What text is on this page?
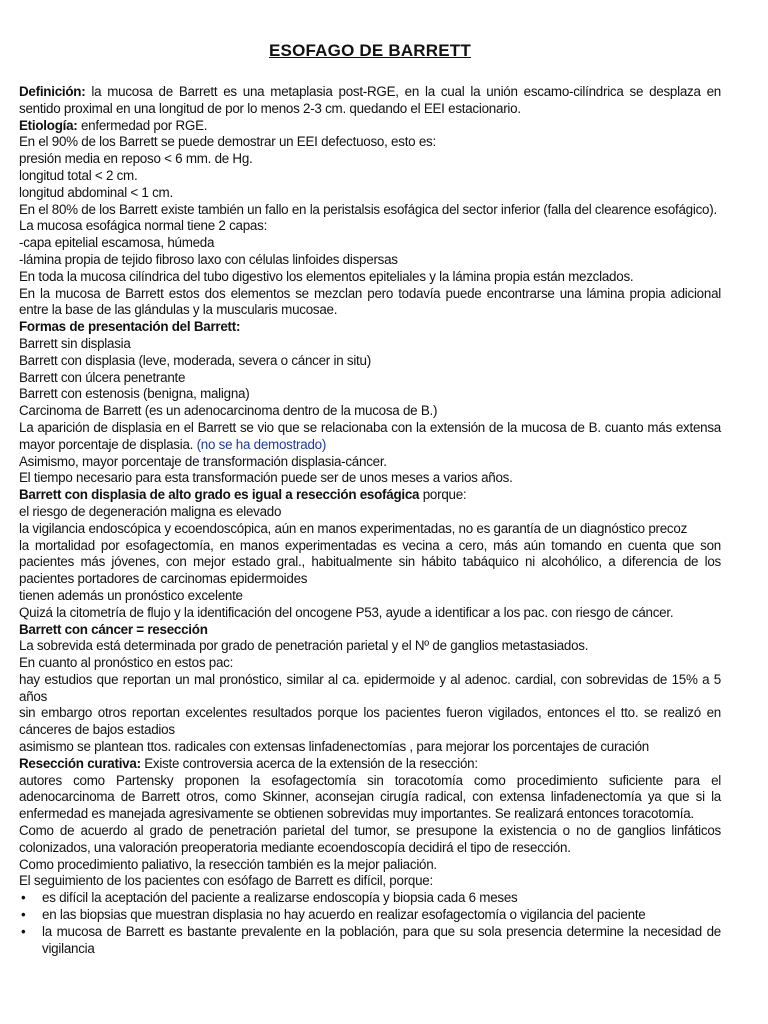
ESOFAGO DE BARRETT

Definición: la mucosa de Barrett es una metaplasia post-RGE, en la cual la unión escamo-cilíndrica se desplaza en sentido proximal en una longitud de por lo menos 2-3 cm. quedando el EEI estacionario.

Etiología: enfermedad por RGE.

En el 90% de los Barrett se puede demostrar un EEI defectuoso, esto es:

presión media en reposo < 6 mm. de Hg.

longitud total < 2 cm.

longitud abdominal < 1 cm.

En el 80% de los Barrett existe también un fallo en la peristalsis esofágica del sector inferior (falla del clearence esofágico).

La mucosa esofágica normal tiene 2 capas:

-capa epitelial escamosa, húmeda

-lámina propia de tejido fibroso laxo con células linfoides dispersas

En toda la mucosa cilíndrica del tubo digestivo los elementos epiteliales y la lámina propia están mezclados.

En la mucosa de Barrett estos dos elementos se mezclan pero todavía puede encontrarse una lámina propia adicional entre la base de las glándulas y la muscularis mucosae.

Formas de presentación del Barrett:

Barrett sin displasia

Barrett con displasia (leve, moderada, severa o cáncer in situ)

Barrett con úlcera penetrante

Barrett con estenosis (benigna, maligna)

Carcinoma de Barrett (es un adenocarcinoma dentro de la mucosa de B.)

La aparición de displasia en el Barrett se vio que se relacionaba con la extensión de la mucosa de B. cuanto más extensa mayor porcentaje de displasia. (no se ha demostrado)

Asimismo, mayor porcentaje de transformación displasia-cáncer.

El tiempo necesario para esta transformación puede ser de unos meses a varios años.

Barrett con displasia de alto grado es igual a resección esofágica porque:

el riesgo de degeneración maligna es elevado

la vigilancia endoscópica y ecoendoscópica, aún en manos experimentadas, no es garantía de un diagnóstico precoz

la mortalidad por esofagectomía, en manos experimentadas es vecina a cero, más aún tomando en cuenta que son pacientes más jóvenes, con mejor estado gral., habitualmente sin hábito tabáquico ni alcohólico, a diferencia de los pacientes portadores de carcinomas epidermoides

tienen además un pronóstico excelente

Quizá la citometría de flujo y la identificación del oncogene P53, ayude a identificar a los pac. con riesgo de cáncer.

Barrett con cáncer = resección

La sobrevida está determinada por grado de penetración parietal y el Nº de ganglios metastasiados.

En cuanto al pronóstico en estos pac:

hay estudios que reportan un mal pronóstico, similar al ca. epidermoide y al adenoc. cardial, con sobrevidas de 15% a 5 años

sin embargo otros reportan excelentes resultados porque los pacientes fueron vigilados, entonces el tto. se realizó en cánceres de bajos estadios

asimismo se plantean ttos. radicales con extensas linfadenectomías , para mejorar los porcentajes de curación

Resección curativa: Existe controversia acerca de la extensión de la resección:

autores como Partensky proponen la esofagectomía sin toracotomía como procedimiento suficiente para el adenocarcinoma de Barrett otros, como Skinner, aconsejan cirugía radical, con extensa linfadenectomía ya que si la enfermedad es manejada agresivamente se obtienen sobrevidas muy importantes. Se realizará entonces toracotomía.

Como de acuerdo al grado de penetración parietal del tumor, se presupone la existencia o no de ganglios linfáticos colonizados, una valoración preoperatoria mediante ecoendoscopía decidirá el tipo de resección.

Como procedimiento paliativo, la resección también es la mejor paliación.

El seguimiento de los pacientes con esófago de Barrett es difícil, porque:

• es difícil la aceptación del paciente a realizarse endoscopía y biopsia cada 6 meses
• en las biopsias que muestran displasia no hay acuerdo en realizar esofagectomía o vigilancia del paciente
• la mucosa de Barrett es bastante prevalente en la población, para que su sola presencia determine la necesidad de vigilancia
